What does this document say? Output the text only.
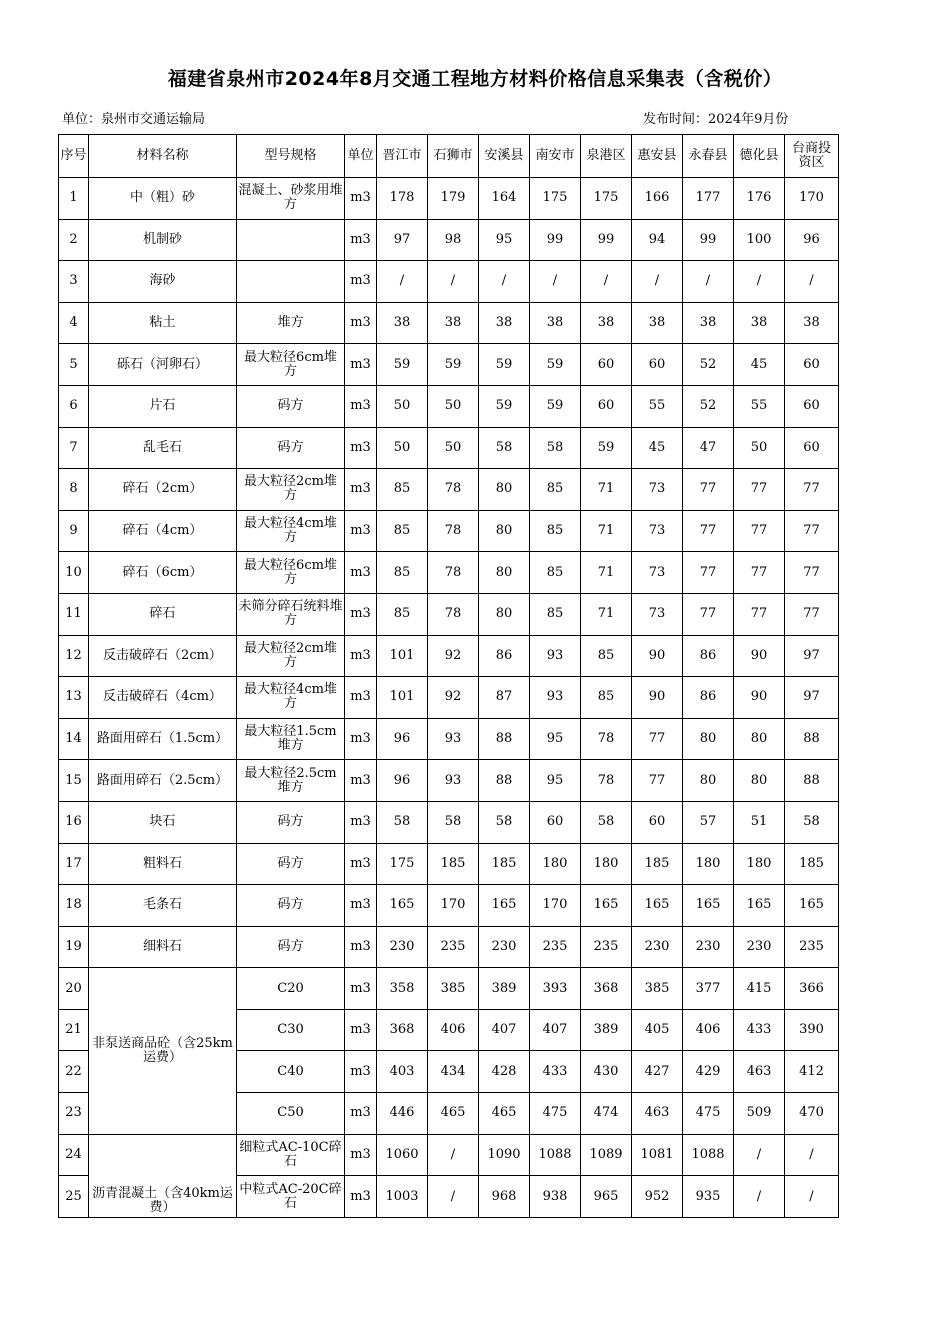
福建省泉州市2024年8月交通工程地方材料价格信息采集表（含税价）
单位：泉州市交通运输局	发布时间：2024年9月份
序号	材料名称	型号规格	单位	晋江市	石狮市	安溪县	南安市	泉港区	惠安县	永春县	德化县	台商投资区
1	中（粗）砂	混凝土、砂浆用堆方	m3	178	179	164	175	175	166	177	176	170
2	机制砂		m3	97	98	95	99	99	94	99	100	96
3	海砂		m3	/	/	/	/	/	/	/	/	/
4	粘土	堆方	m3	38	38	38	38	38	38	38	38	38
5	砾石（河卵石）	最大粒径6cm堆方	m3	59	59	59	59	60	60	52	45	60
6	片石	码方	m3	50	50	59	59	60	55	52	55	60
7	乱毛石	码方	m3	50	50	58	58	59	45	47	50	60
8	碎石（2cm）	最大粒径2cm堆方	m3	85	78	80	85	71	73	77	77	77
9	碎石（4cm）	最大粒径4cm堆方	m3	85	78	80	85	71	73	77	77	77
10	碎石（6cm）	最大粒径6cm堆方	m3	85	78	80	85	71	73	77	77	77
11	碎石	未筛分碎石统料堆方	m3	85	78	80	85	71	73	77	77	77
12	反击破碎石（2cm）	最大粒径2cm堆方	m3	101	92	86	93	85	90	86	90	97
13	反击破碎石（4cm）	最大粒径4cm堆方	m3	101	92	87	93	85	90	86	90	97
14	路面用碎石（1.5cm）	最大粒径1.5cm堆方	m3	96	93	88	95	78	77	80	80	88
15	路面用碎石（2.5cm）	最大粒径2.5cm堆方	m3	96	93	88	95	78	77	80	80	88
16	块石	码方	m3	58	58	58	60	58	60	57	51	58
17	粗料石	码方	m3	175	185	185	180	180	185	180	180	185
18	毛条石	码方	m3	165	170	165	170	165	165	165	165	165
19	细料石	码方	m3	230	235	230	235	235	230	230	230	235
20	非泵送商品砼（含25km运费）	C20	m3	358	385	389	393	368	385	377	415	366
21		C30	m3	368	406	407	407	389	405	406	433	390
22		C40	m3	403	434	428	433	430	427	429	463	412
23		C50	m3	446	465	465	475	474	463	475	509	470
24	沥青混凝土（含40km运费）	细粒式AC-10C碎石	m3	1060	/	1090	1088	1089	1081	1088	/	/
25		中粒式AC-20C碎石	m3	1003	/	968	938	965	952	935	/	/
